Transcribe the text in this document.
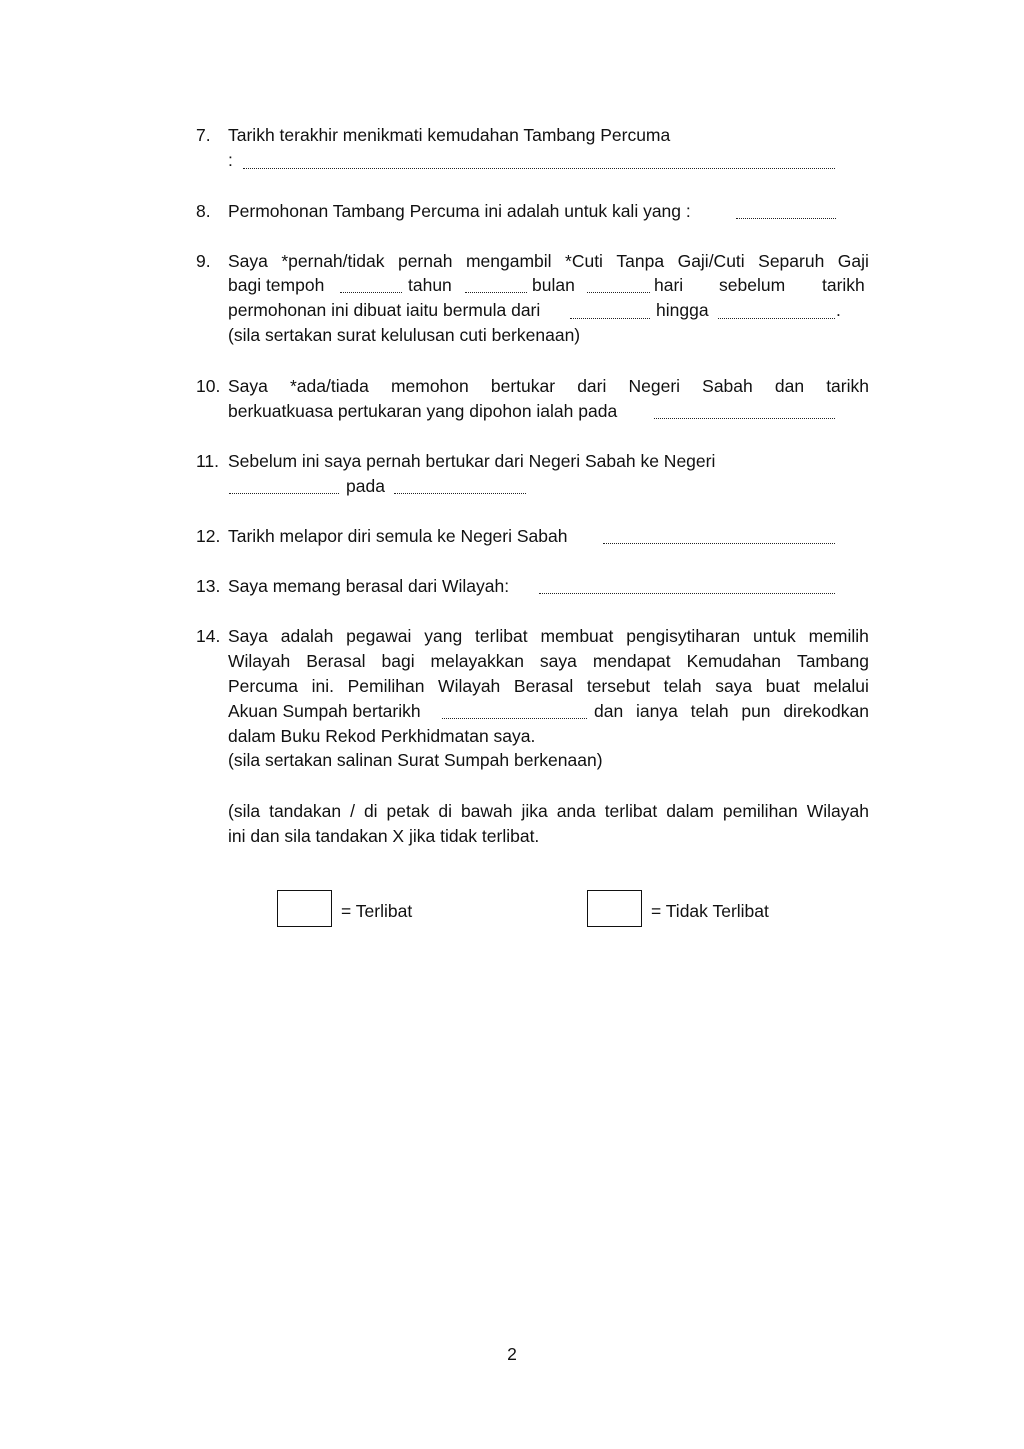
7. Tarikh terakhir menikmati kemudahan Tambang Percuma
:
8. Permohonan Tambang Percuma ini adalah untuk kali yang :
9. Saya *pernah/tidak pernah mengambil *Cuti Tanpa Gaji/Cuti Separuh Gaji
bagi tempoh	tahun	bulan	hari sebelum tarikh
permohonan ini dibuat iaitu bermula dari	hingga	.
(sila sertakan surat kelulusan cuti berkenaan)
10. Saya *ada/tiada memohon bertukar dari Negeri Sabah dan tarikh
berkuatkuasa pertukaran yang dipohon ialah pada
11. Sebelum ini saya pernah bertukar dari Negeri Sabah ke Negeri
pada
12. Tarikh melapor diri semula ke Negeri Sabah
13. Saya memang berasal dari Wilayah:
14. Saya adalah pegawai yang terlibat membuat pengisytiharan untuk memilih
Wilayah Berasal bagi melayakkan saya mendapat Kemudahan Tambang
Percuma ini. Pemilihan Wilayah Berasal tersebut telah saya buat melalui
Akuan Sumpah bertarikh	dan ianya telah pun direkodkan
dalam Buku Rekod Perkhidmatan saya.
(sila sertakan salinan Surat Sumpah berkenaan)
(sila tandakan / di petak di bawah jika anda terlibat dalam pemilihan Wilayah
ini dan sila tandakan X jika tidak terlibat.
= Terlibat	= Tidak Terlibat
2
